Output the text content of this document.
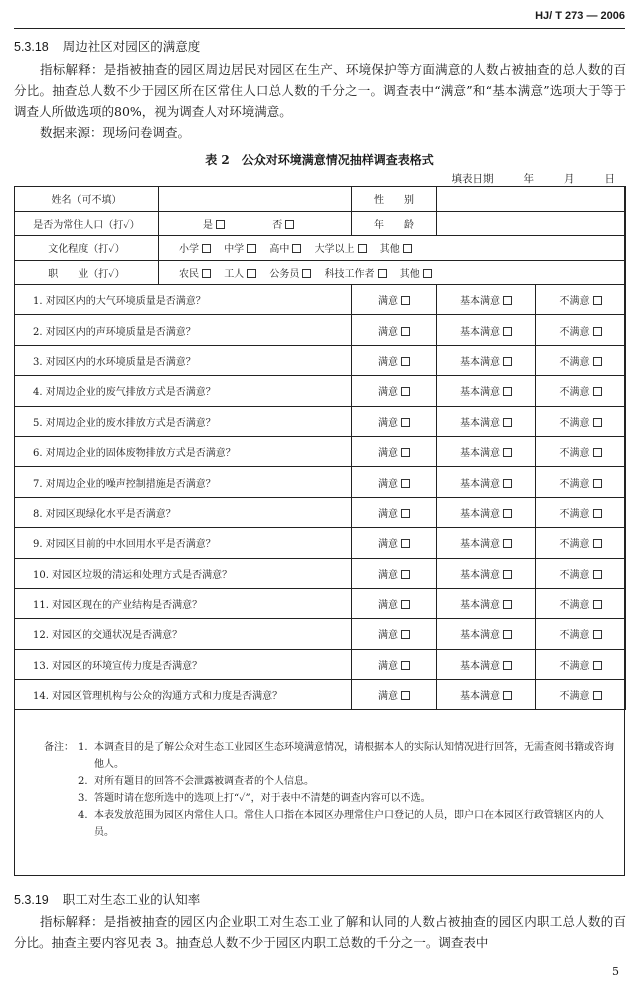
HJ/ T 273 — 2006
5.3.18 周边社区对园区的满意度
指标解释：是指被抽查的园区周边居民对园区在生产、环境保护等方面满意的人数占被抽查的总人数的百分比。抽查总人数不少于园区所在区常住人口总人数的千分之一。调查表中“满意”和“基本满意”选项大于等于调查人所做选项的80%，视为调查人对环境满意。
数据来源：现场问卷调查。
表 2　公众对环境满意情况抽样调查表格式
填表日期	年	月	日
姓名（可不填）		性　　别		
是否为常住人口（打✓）	是 否	年　　龄		
文化程度（打✓）	小学 中学 高中 大学以上 其他			
职　　业（打✓）	农民 工人 公务员 科技工作者 其他			
1. 对园区内的大气环境质量是否满意？		满意	基本满意	不满意
2. 对园区内的声环境质量是否满意？		满意	基本满意	不满意
3. 对园区内的水环境质量是否满意？		满意	基本满意	不满意
4. 对周边企业的废气排放方式是否满意？		满意	基本满意	不满意
5. 对周边企业的废水排放方式是否满意？		满意	基本满意	不满意
6. 对周边企业的固体废物排放方式是否满意？		满意	基本满意	不满意
7. 对周边企业的噪声控制措施是否满意？		满意	基本满意	不满意
8. 对园区现绿化水平是否满意？		满意	基本满意	不满意
9. 对园区目前的中水回用水平是否满意？		满意	基本满意	不满意
10. 对园区垃圾的清运和处理方式是否满意？		满意	基本满意	不满意
11. 对园区现在的产业结构是否满意？		满意	基本满意	不满意
12. 对园区的交通状况是否满意？		满意	基本满意	不满意
13. 对园区的环境宣传力度是否满意？		满意	基本满意	不满意
14. 对园区管理机构与公众的沟通方式和力度是否满意？		满意	基本满意	不满意
备注： 1. 本调查目的是了解公众对生态工业园区生态环境满意情况，请根据本人的实际认知情况进行回答，无需查阅书籍或咨询他人。
2. 对所有题目的回答不会泄露被调查者的个人信息。
3. 答题时请在您所选中的选项上打“✓”，对于表中不清楚的调查内容可以不选。
4. 本表发放范围为园区内常住人口。常住人口指在本园区办理常住户口登记的人员，即户口在本园区行政管辖区内的人员。
5.3.19 职工对生态工业的认知率
指标解释：是指被抽查的园区内企业职工对生态工业了解和认同的人数占被抽查的园区内职工总人数的百分比。抽查主要内容见表 3。抽查总人数不少于园区内职工总数的千分之一。调查表中
5
